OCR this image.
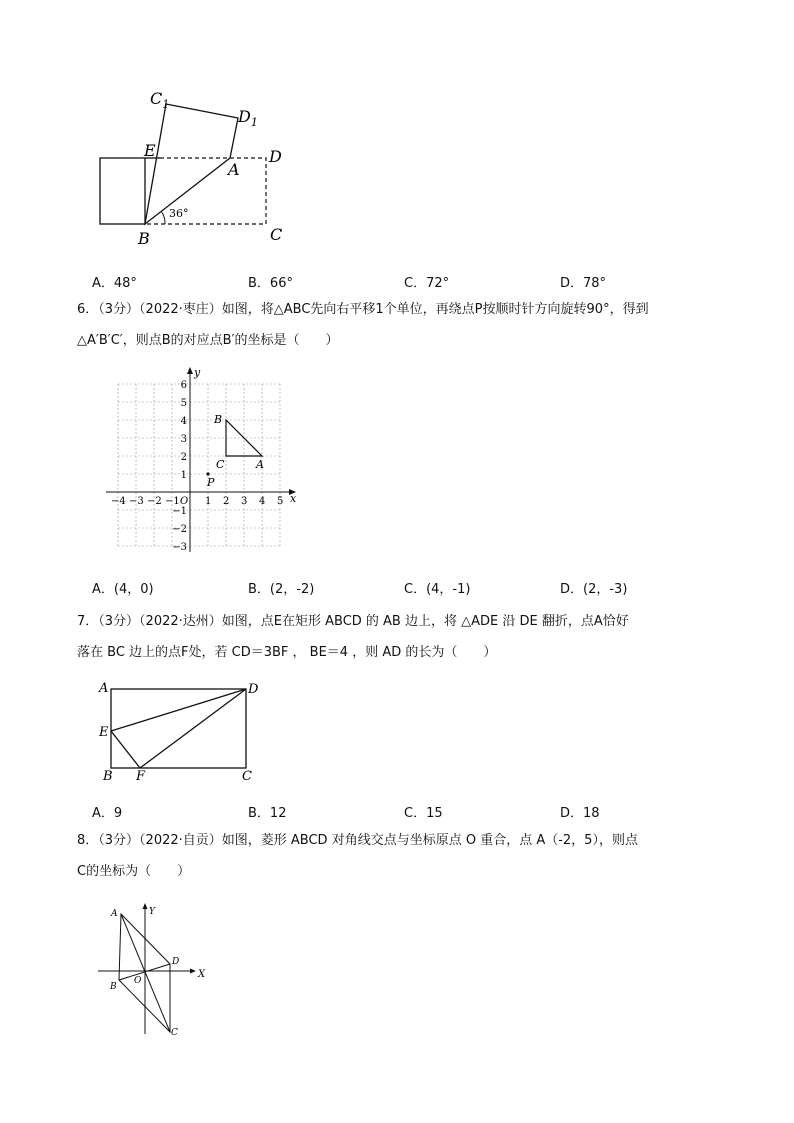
$C_1$
$D_1$
E	D
A
B	C
36°
A．48°	B．66°	C．72°	D．78°
6．（3分）（2022·枣庄）如图，将△ABC先向右平移1个单位，再绕点P按顺时针方向旋转90°，得到
△A′B′C′，则点B的对应点B′的坐标是（　　）
x
y
−4 −3 −2 −1 O 1 2 3 4 5
6
5
4
3
2
1
−1
−2
−3
B
C	A
P
A．(4，0)	B．(2，-2)	C．(4，-1)	D．(2，-3)
7．（3分）（2022·达州）如图，点E在矩形 ABCD 的 AB 边上，将 △ADE 沿 DE 翻折，点A恰好
落在 BC 边上的点F处，若 CD＝3BF ， BE＝4 ，则 AD 的长为（　　）
A	D
E
B F	C
A．9	B．12	C．15	D．18
8．（3分）（2022·自贡）如图，菱形 ABCD 对角线交点与坐标原点 O 重合，点 A（-2，5），则点
C的坐标为（　　）
A	Y
D
X
B
O
C
